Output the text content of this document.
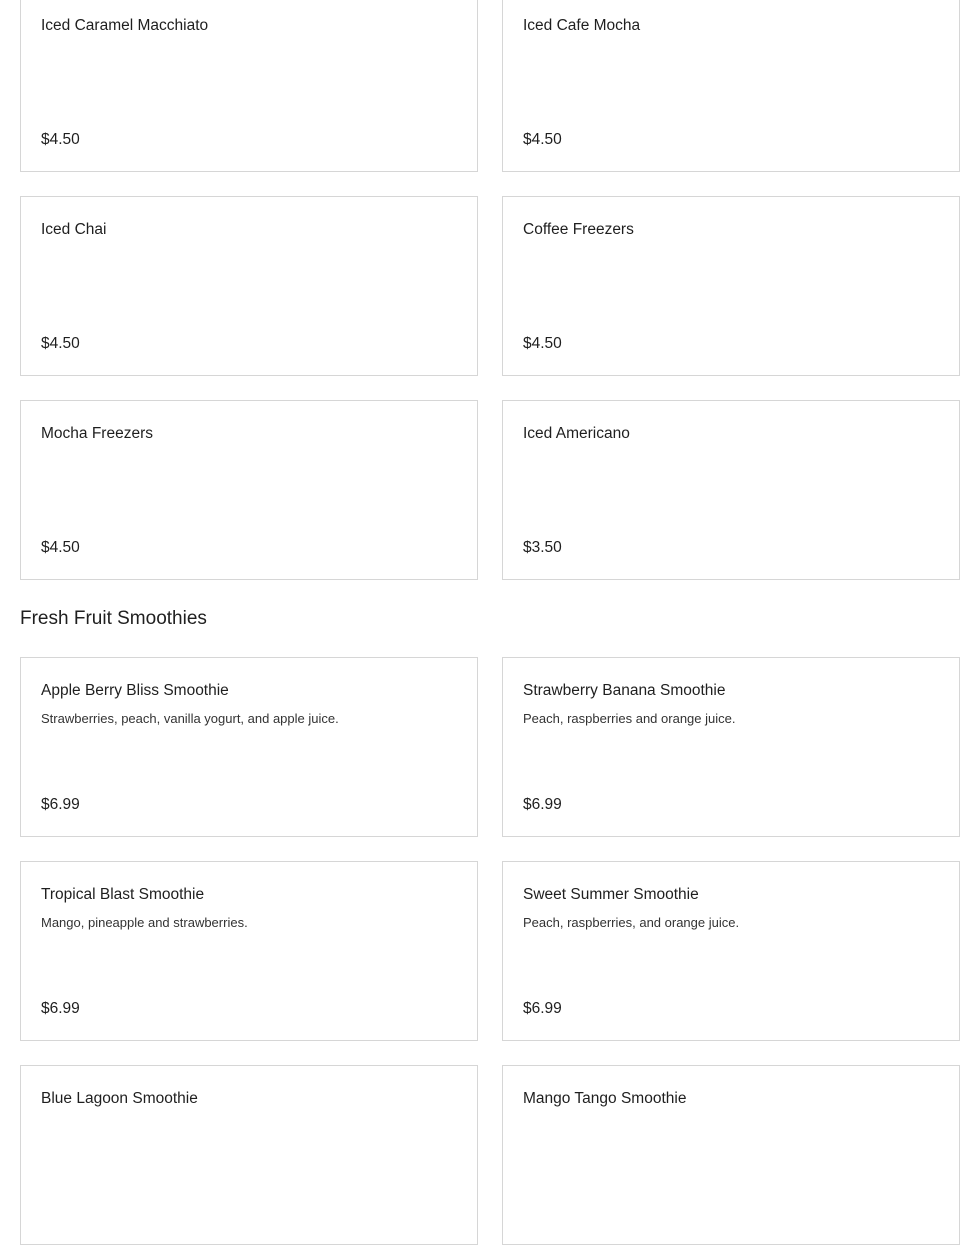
Iced Caramel Macchiato
$4.50
Iced Cafe Mocha
$4.50
Iced Chai
$4.50
Coffee Freezers
$4.50
Mocha Freezers
$4.50
Iced Americano
$3.50
Fresh Fruit Smoothies
Apple Berry Bliss Smoothie
Strawberries, peach, vanilla yogurt, and apple juice.
$6.99
Strawberry Banana Smoothie
Peach, raspberries and orange juice.
$6.99
Tropical Blast Smoothie
Mango, pineapple and strawberries.
$6.99
Sweet Summer Smoothie
Peach, raspberries, and orange juice.
$6.99
Blue Lagoon Smoothie	Mango Tango Smoothie
